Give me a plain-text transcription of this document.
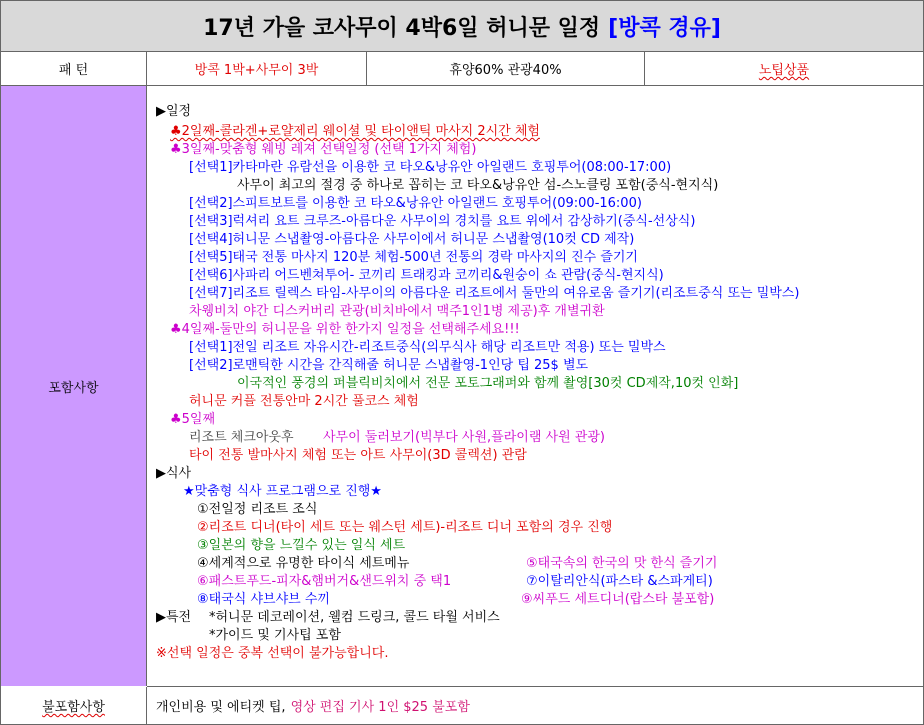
17년 가을 코사무이 4박6일 허니문 일정 [방콕 경유]
패 턴	방콕 1박+사무이 3박	휴양60% 관광40%	노팁상품
포함사항
▶일정
♣2일째-콜라겐+로얄제리 웨이셜 및 타이앤틱 마사지 2시간 체험
♣3일째-맞춤형 웨빙 레져 선택일정 (선택 1가지 체험)
[선택1]카타마란 유람선을 이용한 코 타오&낭유안 아일랜드 호핑투어(08:00-17:00)
사무이 최고의 절경 중 하나로 꼽히는 코 타오&낭유안 섬-스노클링 포함(중식-현지식)
[선택2]스피트보트를 이용한 코 타오&낭유안 아일랜드 호핑투어(09:00-16:00)
[선택3]럭셔리 요트 크루즈-아름다운 사무이의 경치를 요트 위에서 감상하기(중식-선상식)
[선택4]허니문 스냅촬영-아름다운 사무이에서 허니문 스냅촬영(10컷 CD 제작)
[선택5]태국 전통 마사지 120분 체험-500년 전통의 경락 마사지의 진수 즐기기
[선택6]사파리 어드벤쳐투어- 코끼리 트래킹과 코끼리&원숭이 쇼 관람(중식-현지식)
[선택7]리조트 릴렉스 타임-사무이의 아름다운 리조트에서 둘만의 여유로움 즐기기(리조트중식 또는 밀박스)
차웽비치 야간 디스커버리 관광(비치바에서 맥주1인1병 제공)후 개별귀환
♣4일째-둘만의 허니문을 위한 한가지 일정을 선택해주세요!!!
[선택1]전일 리조트 자유시간-리조트중식(의무식사 해당 리조트만 적용) 또는 밀박스
[선택2]로맨틱한 시간을 간직해줄 허니문 스냅촬영-1인당 팁 25$ 별도
이국적인 풍경의 퍼블릭비치에서 전문 포토그래퍼와 함께 촬영[30컷 CD제작,10컷 인화]
허니문 커플 전통안마 2시간 풀코스 체험
♣5일째
리조트 체크아웃후 사무이 둘러보기(빅부다 사원,플라이램 사원 관광)
타이 전통 발마사지 체험 또는 아트 사무이(3D 콜렉션) 관람
▶식사
★맞춤형 식사 프로그램으로 진행★
①전일정 리조트 조식
②리조트 디너(타이 세트 또는 웨스턴 세트)-리조트 디너 포함의 경우 진행
③일본의 향을 느낄수 있는 일식 세트
④세계적으로 유명한 타이식 세트메뉴	⑤태국속의 한국의 맛 한식 즐기기
⑥패스트푸드-피자&햄버거&샌드위치 중 택1	⑦이탈리안식(파스타 &스파게티)
⑧태국식 샤브샤브 수끼	⑨씨푸드 세트디너(랍스타 불포함)
▶특전 *허니문 데코레이션, 웰컴 드링크, 콜드 타월 서비스
*가이드 및 기사팁 포함
※선택 일정은 중복 선택이 불가능합니다.
불포함사항	개인비용 및 에티켓 팁, 영상 편집 기사 1인 $25 불포함
